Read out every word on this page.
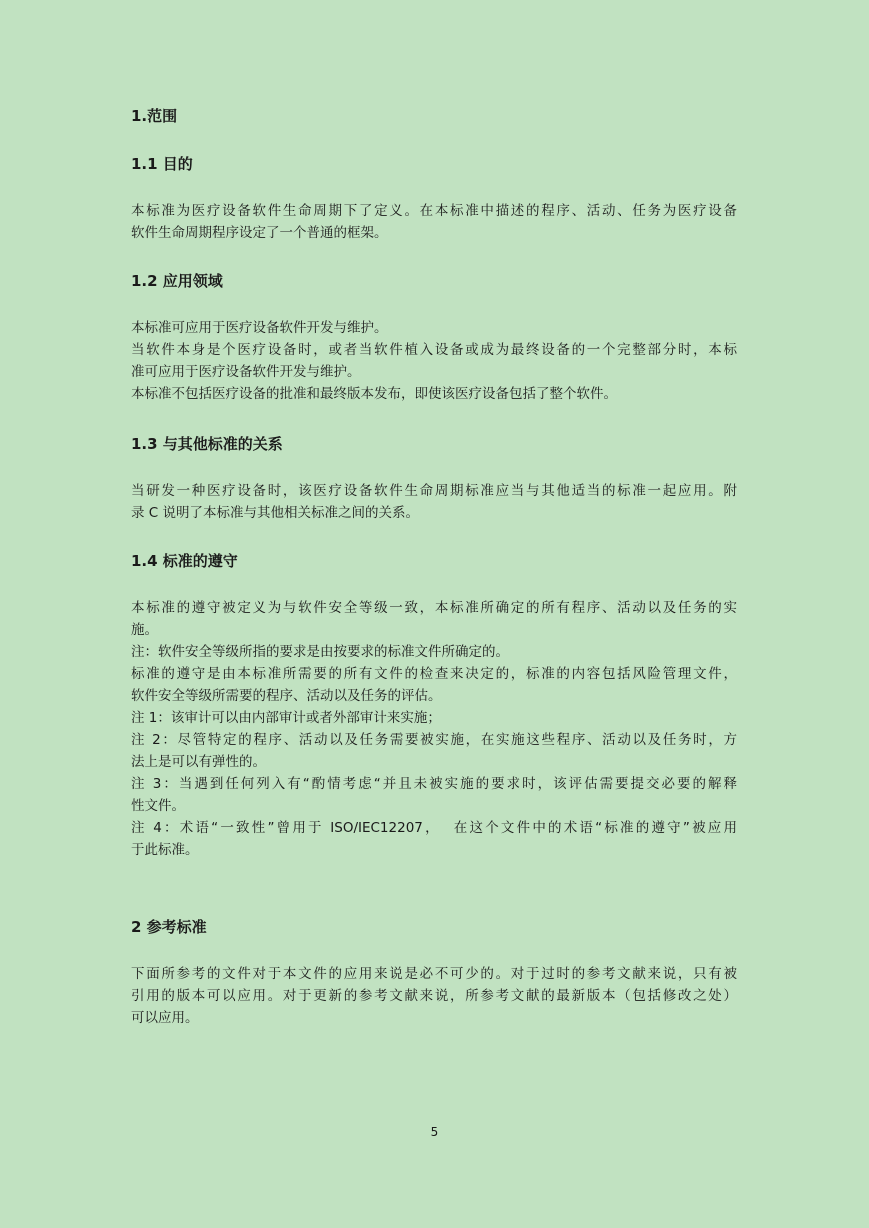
1.范围
1.1 目的
本标准为医疗设备软件生命周期下了定义。在本标准中描述的程序、活动、任务为医疗设备
软件生命周期程序设定了一个普通的框架。
1.2 应用领域
本标准可应用于医疗设备软件开发与维护。
当软件本身是个医疗设备时，或者当软件植入设备或成为最终设备的一个完整部分时，本标
准可应用于医疗设备软件开发与维护。
本标准不包括医疗设备的批准和最终版本发布，即使该医疗设备包括了整个软件。
1.3 与其他标准的关系
当研发一种医疗设备时，该医疗设备软件生命周期标准应当与其他适当的标准一起应用。附
录 C 说明了本标准与其他相关标准之间的关系。
1.4 标准的遵守
本标准的遵守被定义为与软件安全等级一致，本标准所确定的所有程序、活动以及任务的实
施。
注：软件安全等级所指的要求是由按要求的标准文件所确定的。
标准的遵守是由本标准所需要的所有文件的检查来决定的，标准的内容包括风险管理文件，
软件安全等级所需要的程序、活动以及任务的评估。
注 1：该审计可以由内部审计或者外部审计来实施；
注 2：尽管特定的程序、活动以及任务需要被实施，在实施这些程序、活动以及任务时，方
法上是可以有弹性的。
注 3：当遇到任何列入有“酌情考虑“并且未被实施的要求时，该评估需要提交必要的解释
性文件。
注 4：术语“一致性”曾用于 ISO/IEC12207，  在这个文件中的术语“标准的遵守”被应用
于此标准。
2 参考标准
下面所参考的文件对于本文件的应用来说是必不可少的。对于过时的参考文献来说，只有被
引用的版本可以应用。对于更新的参考文献来说，所参考文献的最新版本（包括修改之处）
可以应用。
5
